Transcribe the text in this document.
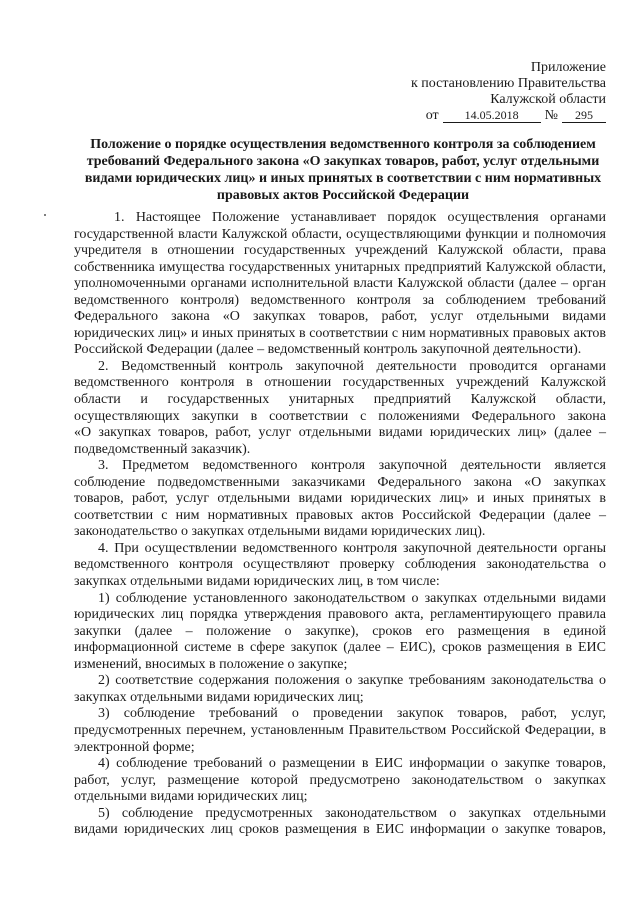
Приложение
к постановлению Правительства
Калужской области
от 14.05.2018 № 295
Положение о порядке осуществления ведомственного контроля за соблюдением
требований Федерального закона «О закупках товаров, работ, услуг отдельными
видами юридических лиц» и иных принятых в соответствии с ним нормативных
правовых актов Российской Федерации

1. Настоящее Положение устанавливает порядок осуществления органами
государственной власти Калужской области, осуществляющими функции и полномочия
учредителя в отношении государственных учреждений Калужской области, права
собственника имущества государственных унитарных предприятий Калужской области,
уполномоченными органами исполнительной власти Калужской области (далее – орган
ведомственного контроля) ведомственного контроля за соблюдением требований
Федерального закона «О закупках товаров, работ, услуг отдельными видами
юридических лиц» и иных принятых в соответствии с ним нормативных правовых актов
Российской Федерации (далее – ведомственный контроль закупочной деятельности).

2. Ведомственный контроль закупочной деятельности проводится органами
ведомственного контроля в отношении государственных учреждений Калужской
области и государственных унитарных предприятий Калужской области,
осуществляющих закупки в соответствии с положениями Федерального закона
«О закупках товаров, работ, услуг отдельными видами юридических лиц» (далее –
подведомственный заказчик).

3. Предметом ведомственного контроля закупочной деятельности является
соблюдение подведомственными заказчиками Федерального закона «О закупках
товаров, работ, услуг отдельными видами юридических лиц» и иных принятых в
соответствии с ним нормативных правовых актов Российской Федерации (далее –
законодательство о закупках отдельными видами юридических лиц).

4. При осуществлении ведомственного контроля закупочной деятельности органы
ведомственного контроля осуществляют проверку соблюдения законодательства о
закупках отдельными видами юридических лиц, в том числе:

1) соблюдение установленного законодательством о закупках отдельными видами
юридических лиц порядка утверждения правового акта, регламентирующего правила
закупки (далее – положение о закупке), сроков его размещения в единой
информационной системе в сфере закупок (далее – ЕИС), сроков размещения в ЕИС
изменений, вносимых в положение о закупке;

2) соответствие содержания положения о закупке требованиям законодательства о
закупках отдельными видами юридических лиц;

3) соблюдение требований о проведении закупок товаров, работ, услуг,
предусмотренных перечнем, установленным Правительством Российской Федерации, в
электронной форме;

4) соблюдение требований о размещении в ЕИС информации о закупке товаров,
работ, услуг, размещение которой предусмотрено законодательством о закупках
отдельными видами юридических лиц;

5) соблюдение предусмотренных законодательством о закупках отдельными
видами юридических лиц сроков размещения в ЕИС информации о закупке товаров,
